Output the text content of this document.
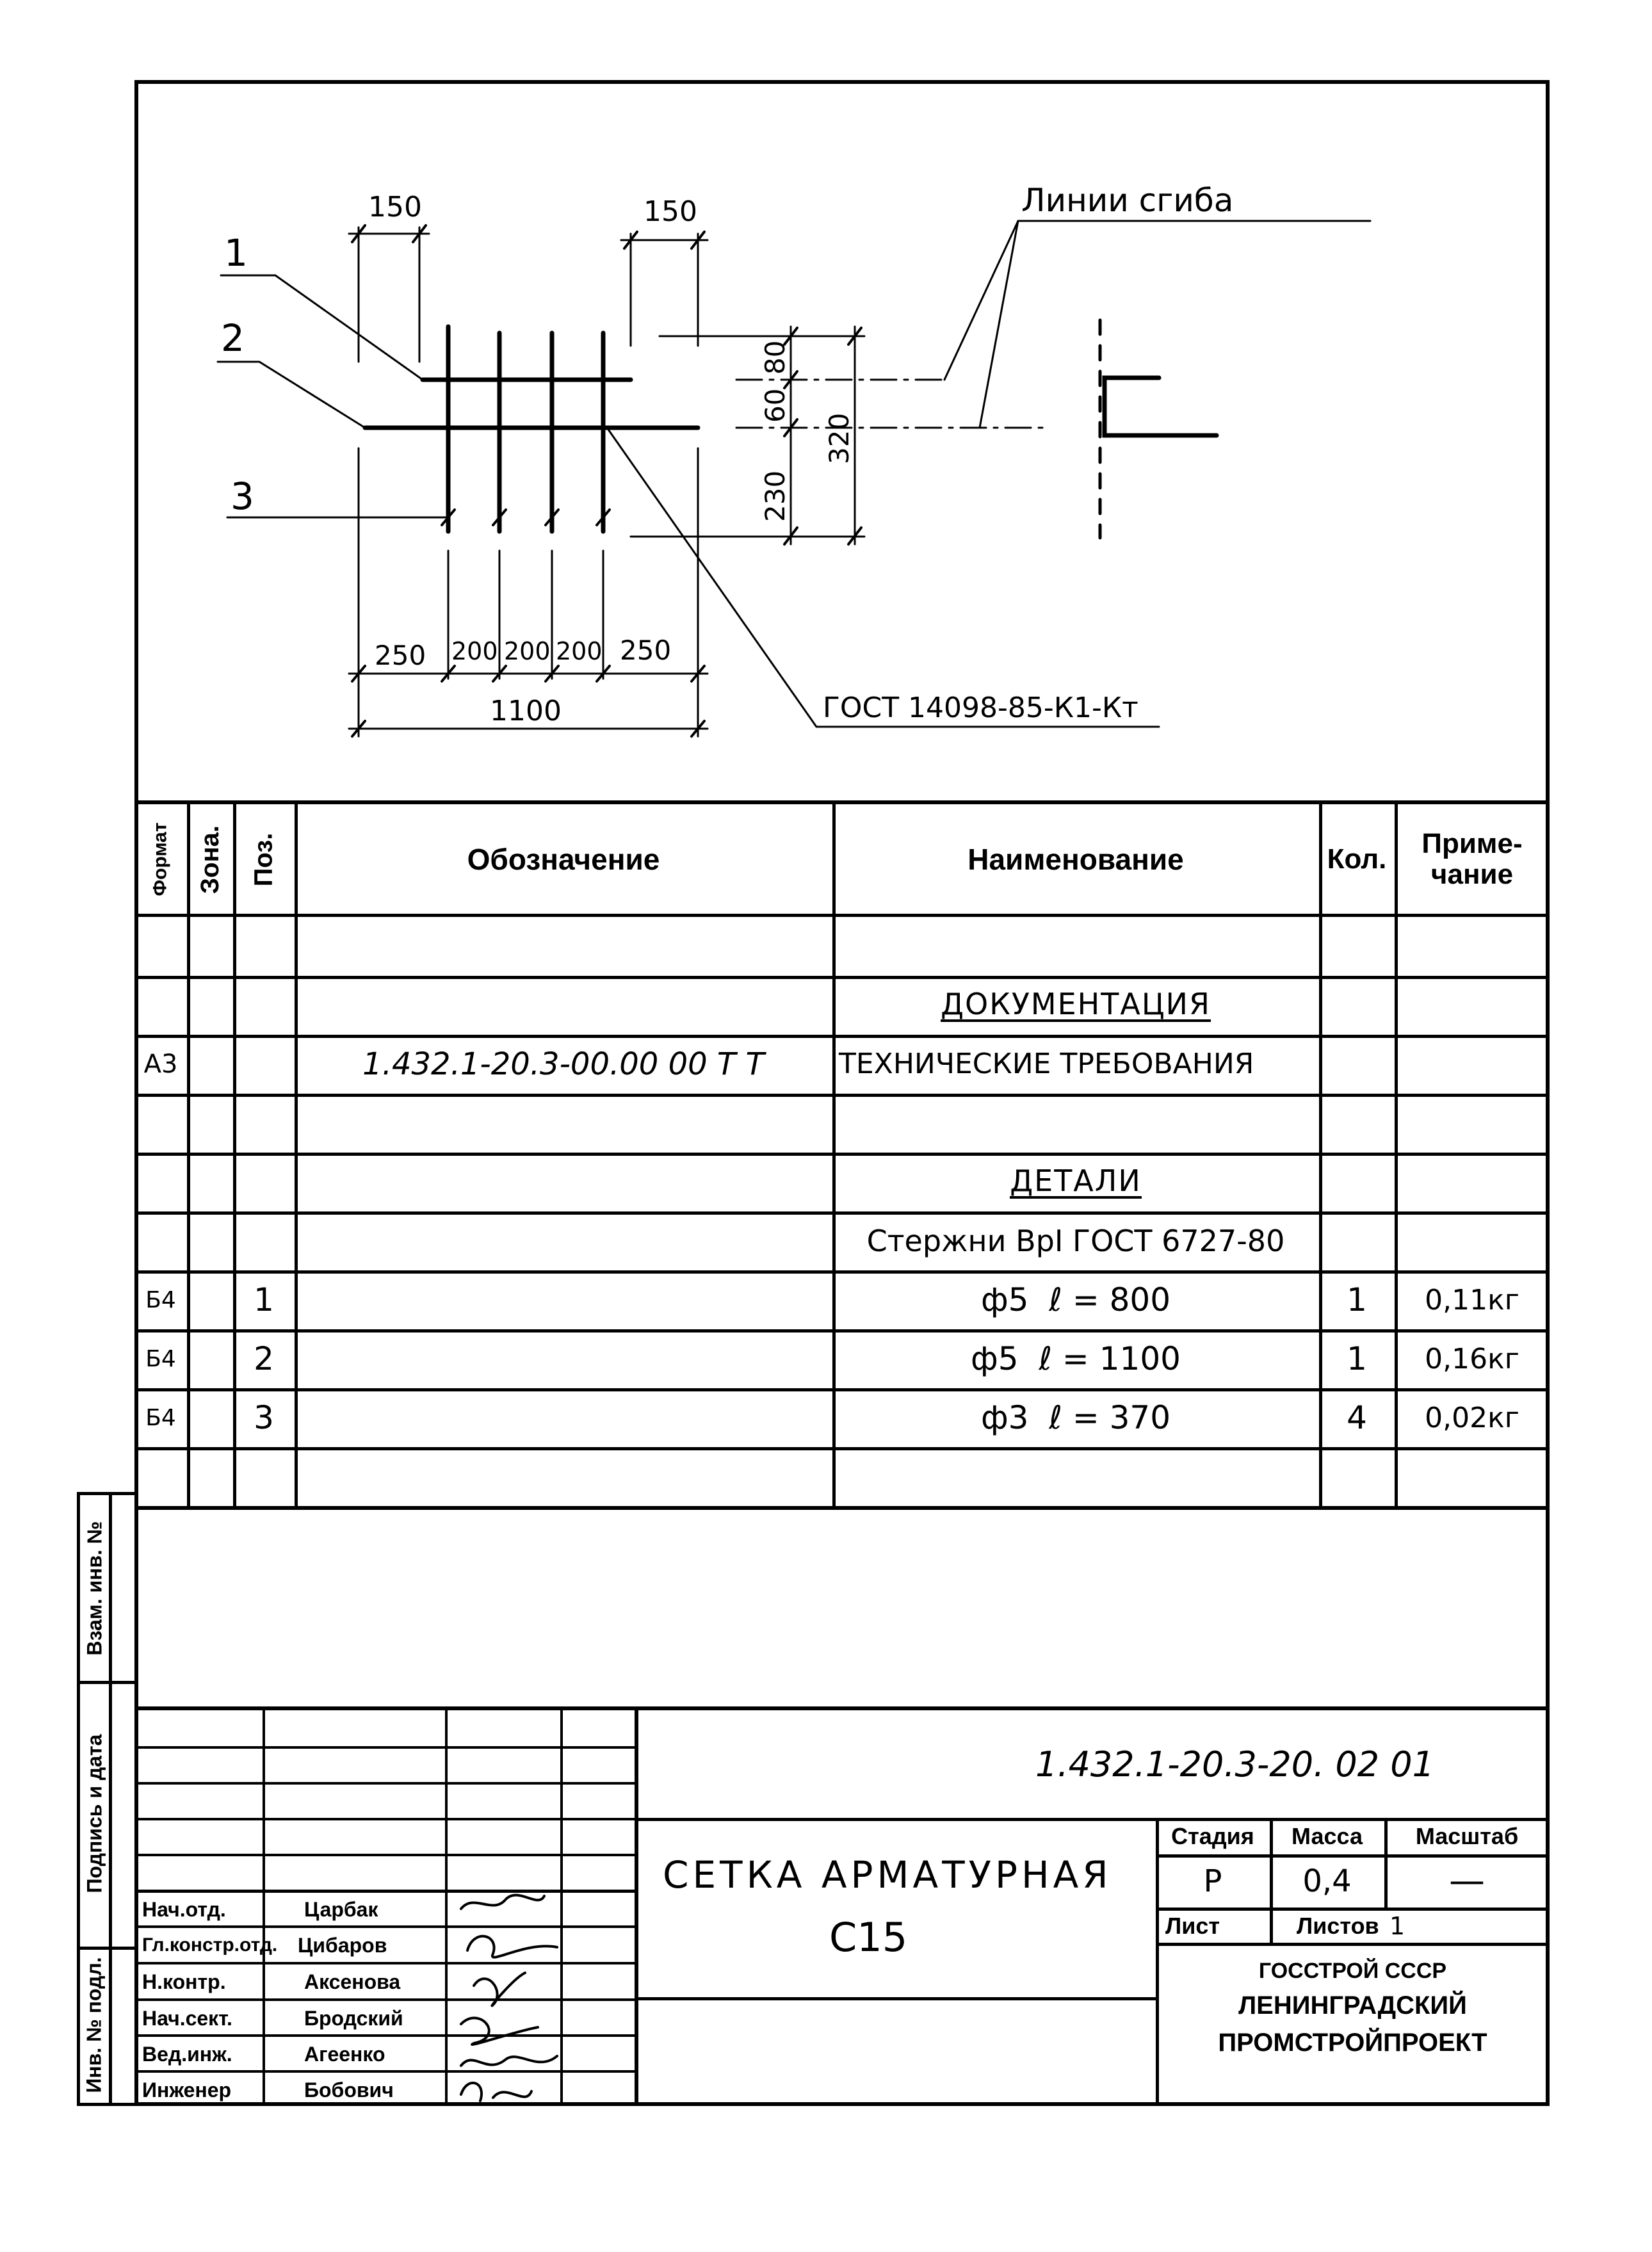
150	150
1
2
3
80
60
230
320
250 200 200 200 250
1100
Линии сгиба
ГОСТ 14098-85-К1-Кт
Формат Зона. Поз.	Обозначение	Наименование	Кол.	Приме-
чание
ДОКУМЕНТАЦИЯ
А3	1.432.1-20.3-00.00 00 Т Т	ТЕХНИЧЕСКИЕ ТРЕБОВАНИЯ
ДЕТАЛИ
Стержни ВрI ГОСТ 6727-80
Б4	1	ф5  ℓ = 800	1	0,11кг
Б4	2	ф5  ℓ = 1100	1	0,16кг
Б4	3	ф3  ℓ = 370	4	0,02кг
Взам. инв. №
Подпись и дата
Инв. № подл.
Нач.отд.	Царбак
Гл.констр.отд. Цибаров
Н.контр.	Аксенова
Нач.сект.	Бродский
Вед.инж.	Агеенко
Инженер	Бобович
1.432.1-20.3-20. 02 01
СЕТКА АРМАТУРНАЯ
С15
Стадия	Масса	Масштаб
Р	0,4	—
Лист	Листов 1
ГОССТРОЙ СССР
ЛЕНИНГРАДСКИЙ
ПРОМСТРОЙПРОЕКТ
